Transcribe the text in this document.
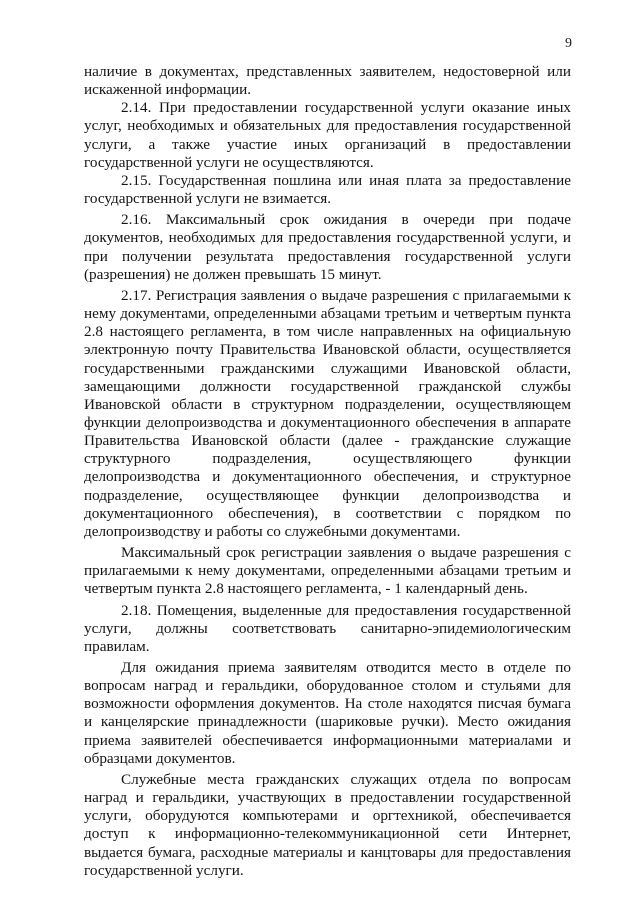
9

наличие в документах, представленных заявителем, недостоверной или искаженной информации.

2.14. При предоставлении государственной услуги оказание иных услуг, необходимых и обязательных для предоставления государственной услуги, а также участие иных организаций в предоставлении государственной услуги не осуществляются.

2.15. Государственная пошлина или иная плата за предоставление государственной услуги не взимается.

2.16. Максимальный срок ожидания в очереди при подаче документов, необходимых для предоставления государственной услуги, и при получении результата предоставления государственной услуги (разрешения) не должен превышать 15 минут.

2.17. Регистрация заявления о выдаче разрешения с прилагаемыми к нему документами, определенными абзацами третьим и четвертым пункта 2.8 настоящего регламента, в том числе направленных на официальную электронную почту Правительства Ивановской области, осуществляется государственными гражданскими служащими Ивановской области, замещающими должности государственной гражданской службы Ивановской области в структурном подразделении, осуществляющем функции делопроизводства и документационного обеспечения в аппарате Правительства Ивановской области (далее - гражданские служащие структурного подразделения, осуществляющего функции делопроизводства и документационного обеспечения, и структурное подразделение, осуществляющее функции делопроизводства и документационного обеспечения), в соответствии с порядком по делопроизводству и работы со служебными документами.

Максимальный срок регистрации заявления о выдаче разрешения с прилагаемыми к нему документами, определенными абзацами третьим и четвертым пункта 2.8 настоящего регламента, - 1 календарный день.

2.18. Помещения, выделенные для предоставления государственной услуги, должны соответствовать санитарно-эпидемиологическим правилам.

Для ожидания приема заявителям отводится место в отделе по вопросам наград и геральдики, оборудованное столом и стульями для возможности оформления документов. На столе находятся писчая бумага и канцелярские принадлежности (шариковые ручки). Место ожидания приема заявителей обеспечивается информационными материалами и образцами документов.

Служебные места гражданских служащих отдела по вопросам наград и геральдики, участвующих в предоставлении государственной услуги, оборудуются компьютерами и оргтехникой, обеспечивается доступ к информационно-телекоммуникационной сети Интернет, выдается бумага, расходные материалы и канцтовары для предоставления государственной услуги.
